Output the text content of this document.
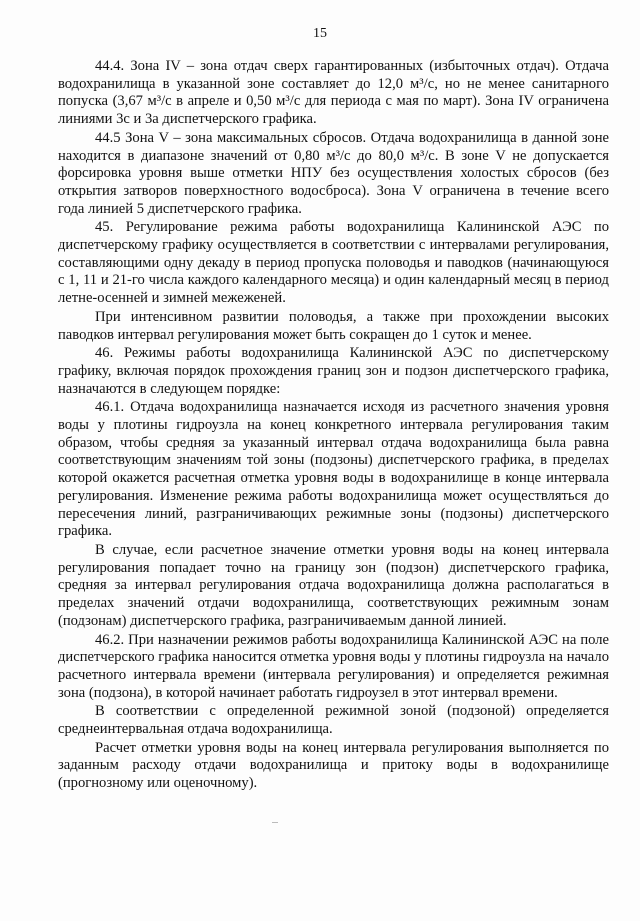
15

44.4. Зона IV – зона отдач сверх гарантированных (избыточных отдач). Отдача водохранилища в указанной зоне составляет до 12,0 м³/с, но не менее санитарного попуска (3,67 м³/с в апреле и 0,50 м³/с для периода с мая по март). Зона IV ограничена линиями 3с и 3а диспетчерского графика.

44.5 Зона V – зона максимальных сбросов. Отдача водохранилища в данной зоне находится в диапазоне значений от 0,80 м³/с до 80,0 м³/с. В зоне V не допускается форсировка уровня выше отметки НПУ без осуществления холостых сбросов (без открытия затворов поверхностного водосброса). Зона V ограничена в течение всего года линией 5 диспетчерского графика.

45. Регулирование режима работы водохранилища Калининской АЭС по диспетчерскому графику осуществляется в соответствии с интервалами регулирования, составляющими одну декаду в период пропуска половодья и паводков (начинающуюся с 1, 11 и 21-го числа каждого календарного месяца) и один календарный месяц в период летне-осенней и зимней межеженей.

При интенсивном развитии половодья, а также при прохождении высоких паводков интервал регулирования может быть сокращен до 1 суток и менее.

46. Режимы работы водохранилища Калининской АЭС по диспетчерскому графику, включая порядок прохождения границ зон и подзон диспетчерского графика, назначаются в следующем порядке:

46.1. Отдача водохранилища назначается исходя из расчетного значения уровня воды у плотины гидроузла на конец конкретного интервала регулирования таким образом, чтобы средняя за указанный интервал отдача водохранилища была равна соответствующим значениям той зоны (подзоны) диспетчерского графика, в пределах которой окажется расчетная отметка уровня воды в водохранилище в конце интервала регулирования. Изменение режима работы водохранилища может осуществляться до пересечения линий, разграничивающих режимные зоны (подзоны) диспетчерского графика.

В случае, если расчетное значение отметки уровня воды на конец интервала регулирования попадает точно на границу зон (подзон) диспетчерского графика, средняя за интервал регулирования отдача водохранилища должна располагаться в пределах значений отдачи водохранилища, соответствующих режимным зонам (подзонам) диспетчерского графика, разграничиваемым данной линией.

46.2. При назначении режимов работы водохранилища Калининской АЭС на поле диспетчерского графика наносится отметка уровня воды у плотины гидроузла на начало расчетного интервала времени (интервала регулирования) и определяется режимная зона (подзона), в которой начинает работать гидроузел в этот интервал времени.

В соответствии с определенной режимной зоной (подзоной) определяется среднеинтервальная отдача водохранилища.

Расчет отметки уровня воды на конец интервала регулирования выполняется по заданным расходу отдачи водохранилища и притоку воды в водохранилище (прогнозному или оценочному).
